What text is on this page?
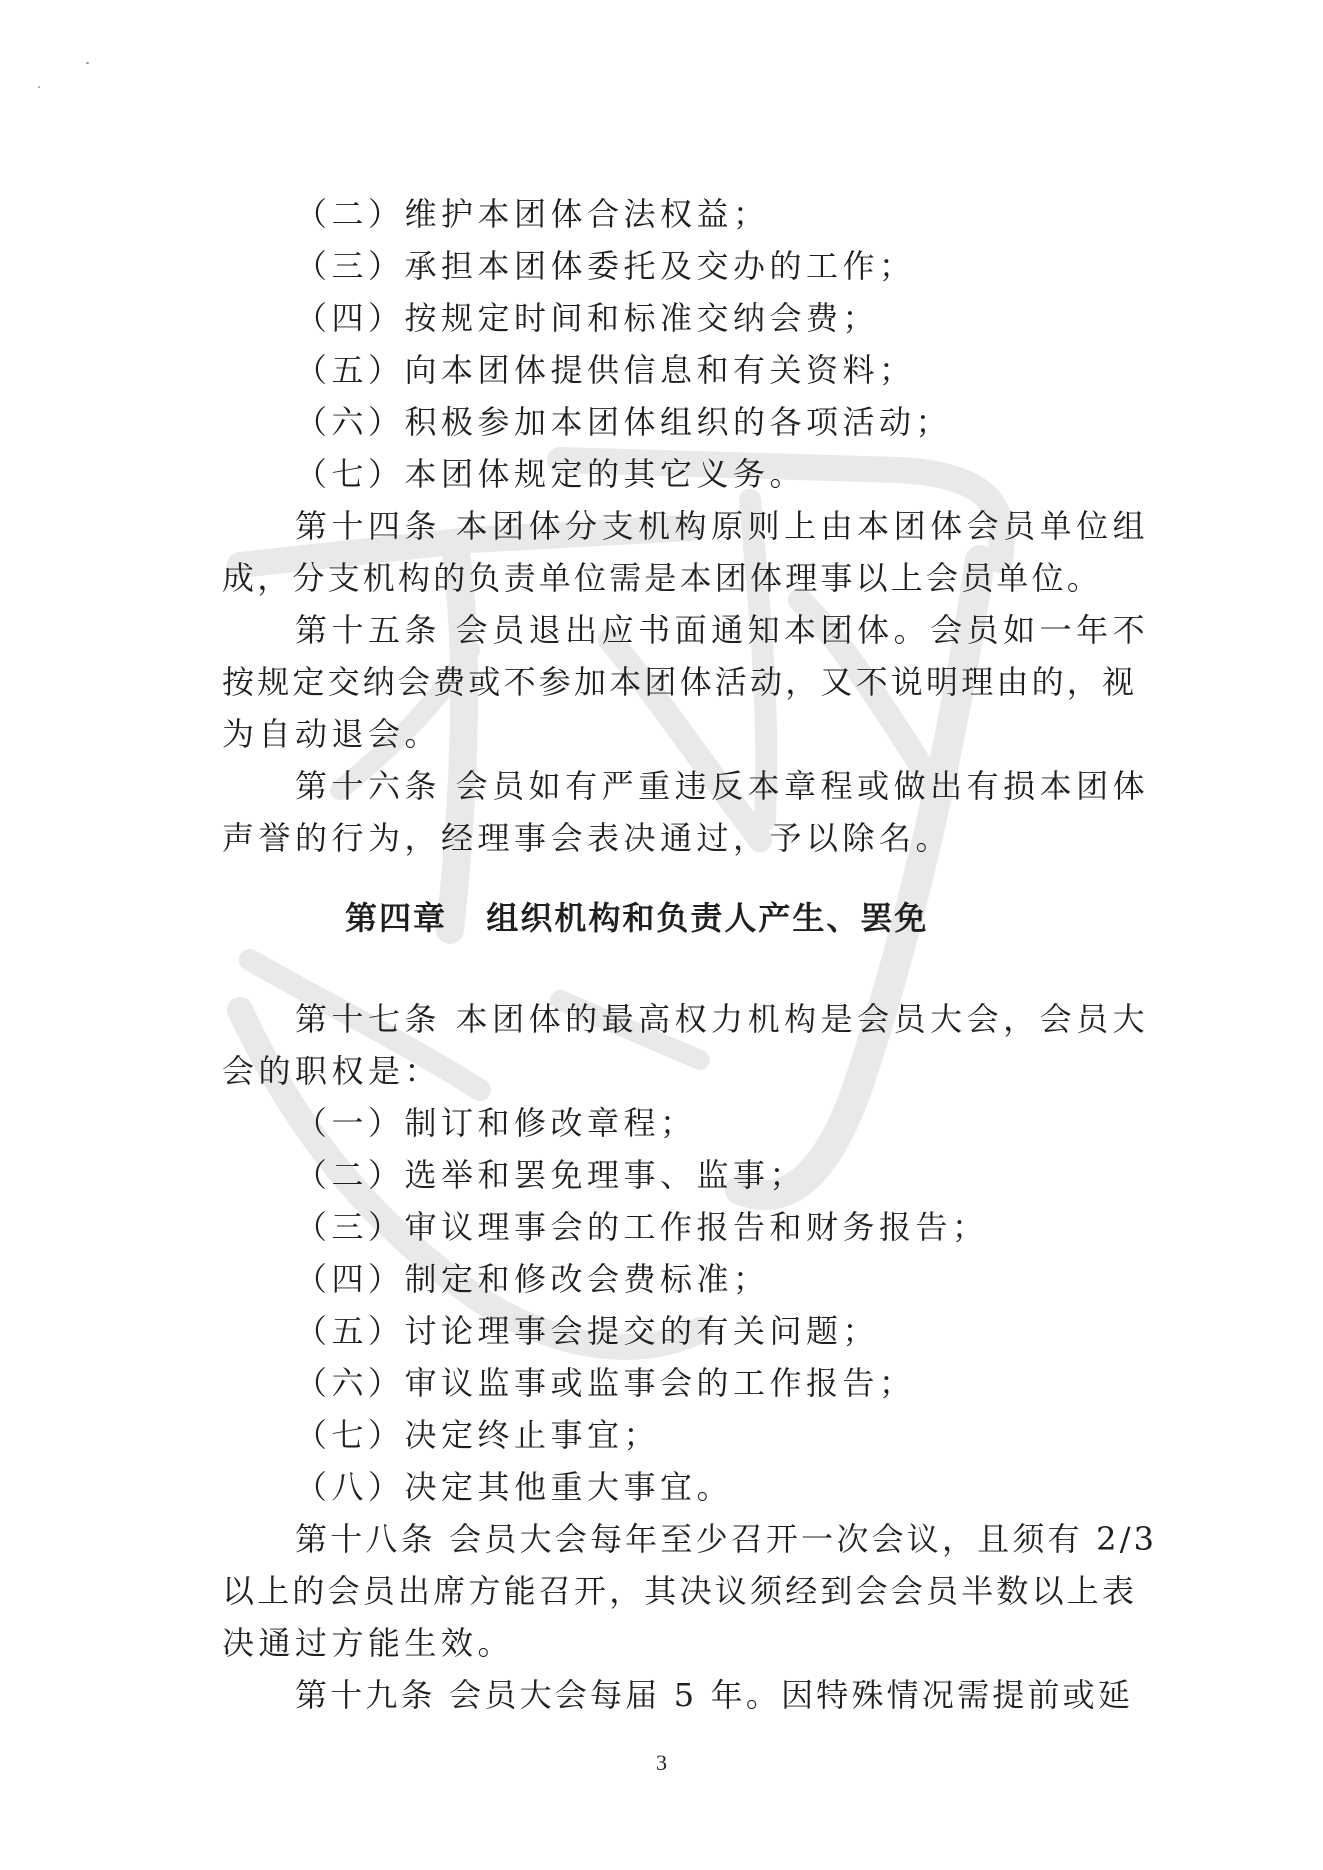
（二）维护本团体合法权益；

（三）承担本团体委托及交办的工作；

（四）按规定时间和标准交纳会费；

（五）向本团体提供信息和有关资料；

（六）积极参加本团体组织的各项活动；

（七）本团体规定的其它义务。

第十四条 本团体分支机构原则上由本团体会员单位组

成，分支机构的负责单位需是本团体理事以上会员单位。

第十五条 会员退出应书面通知本团体。会员如一年不

按规定交纳会费或不参加本团体活动，又不说明理由的，视

为自动退会。

第十六条 会员如有严重违反本章程或做出有损本团体

声誉的行为，经理事会表决通过，予以除名。

第四章   组织机构和负责人产生、罢免

第十七条 本团体的最高权力机构是会员大会，会员大

会的职权是：

（一）制订和修改章程；

（二）选举和罢免理事、监事；

（三）审议理事会的工作报告和财务报告；

（四）制定和修改会费标准；

（五）讨论理事会提交的有关问题；

（六）审议监事或监事会的工作报告；

（七）决定终止事宜；

（八）决定其他重大事宜。

第十八条 会员大会每年至少召开一次会议，且须有 2/3

以上的会员出席方能召开，其决议须经到会会员半数以上表

决通过方能生效。

第十九条 会员大会每届 5 年。因特殊情况需提前或延

3
